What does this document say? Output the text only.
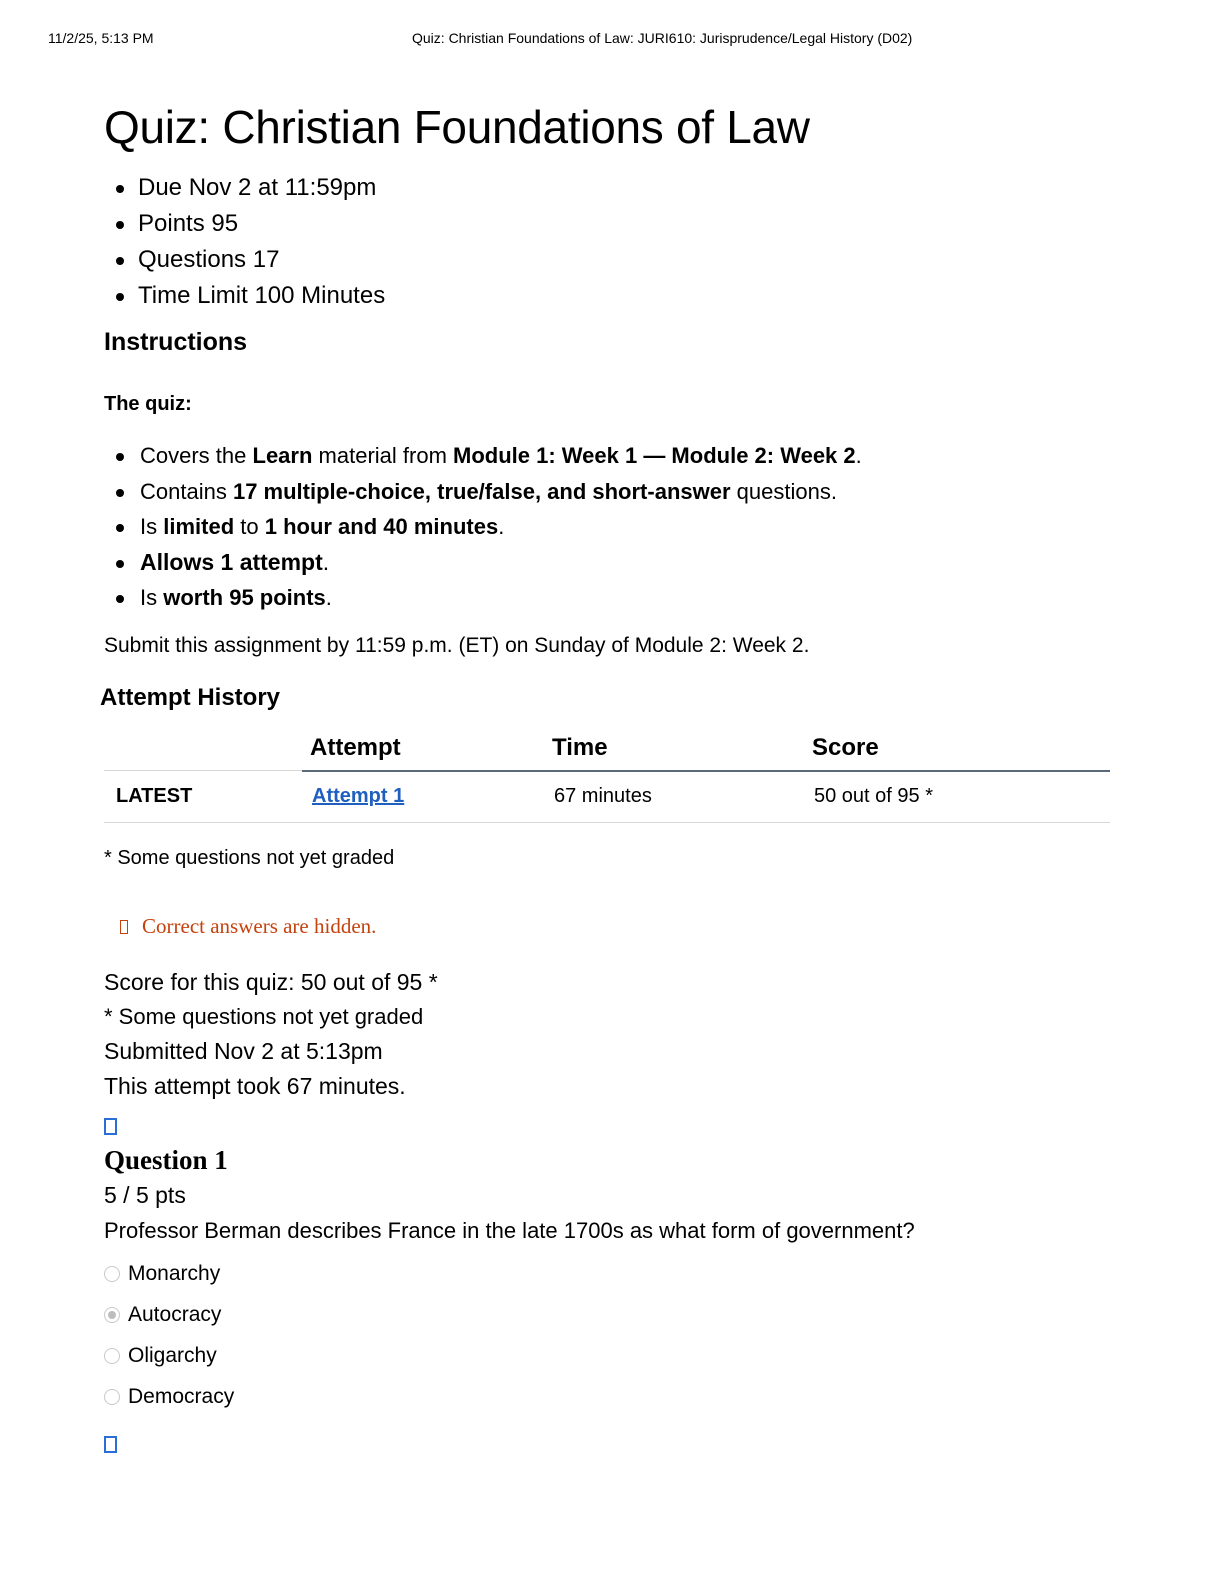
11/2/25, 5:13 PM	Quiz: Christian Foundations of Law: JURI610: Jurisprudence/Legal History (D02)
Quiz: Christian Foundations of Law
Due Nov 2 at 11:59pm
Points 95
Questions 17
Time Limit 100 Minutes
Instructions
The quiz:
Covers the Learn material from Module 1: Week 1 — Module 2: Week 2.
Contains 17 multiple-choice, true/false, and short-answer questions.
Is limited to 1 hour and 40 minutes.
Allows 1 attempt.
Is worth 95 points.
Submit this assignment by 11:59 p.m. (ET) on Sunday of Module 2: Week 2.
Attempt History
	Attempt	Time	Score
LATEST	Attempt 1	67 minutes	50 out of 95 *
* Some questions not yet graded
Correct answers are hidden.
Score for this quiz: 50 out of 95 *
* Some questions not yet graded
Submitted Nov 2 at 5:13pm
This attempt took 67 minutes.
Question 1
5 / 5 pts
Professor Berman describes France in the late 1700s as what form of government?
Monarchy
Autocracy
Oligarchy
Democracy
